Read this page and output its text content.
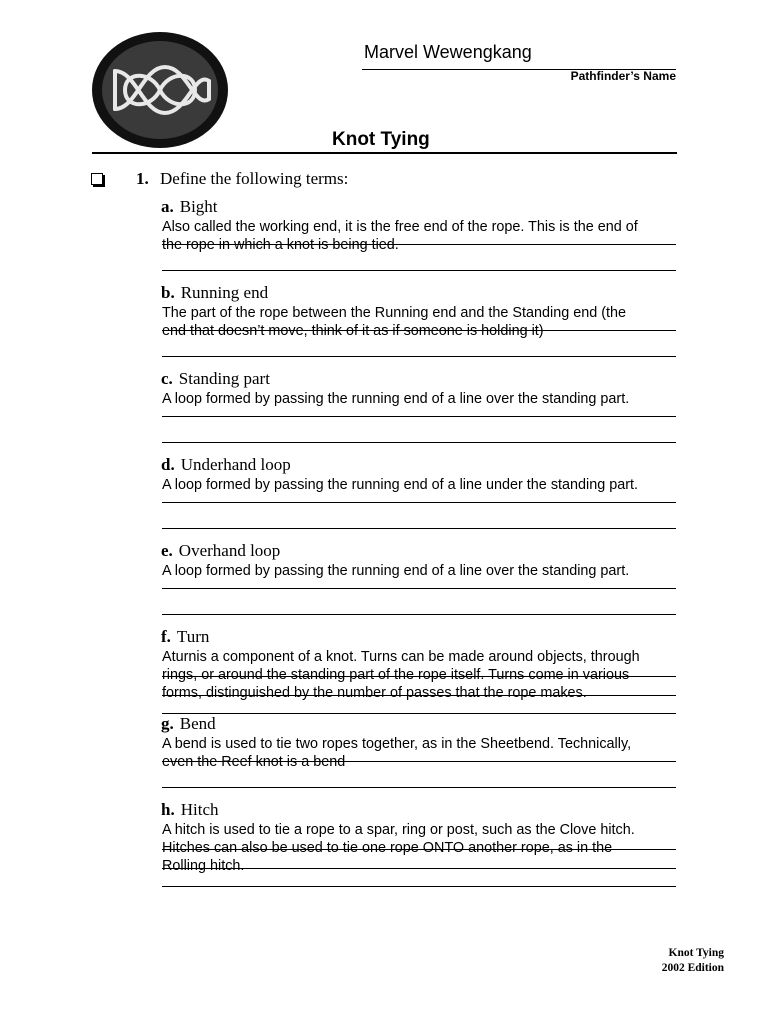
Marvel Wewengkang
Pathfinder’s Name
Knot Tying
1. Define the following terms:
a. Bight
Also called the working end, it is the free end of the rope. This is the end of
the rope in which a knot is being tied.
b. Running end
The part of the rope between the Running end and the Standing end (the
end that doesn’t move, think of it as if someone is holding it)
c. Standing part
A loop formed by passing the running end of a line over the standing part.
d. Underhand loop
A loop formed by passing the running end of a line under the standing part.
e. Overhand loop
A loop formed by passing the running end of a line over the standing part.
f. Turn
Aturnis a component of a knot. Turns can be made around objects, through
rings, or around the standing part of the rope itself. Turns come in various
forms, distinguished by the number of passes that the rope makes.
g. Bend
A bend is used to tie two ropes together, as in the Sheetbend. Technically,
even the Reef knot is a bend
h. Hitch
A hitch is used to tie a rope to a spar, ring or post, such as the Clove hitch.
Hitches can also be used to tie one rope ONTO another rope, as in the
Rolling hitch.
Knot Tying
2002 Edition
